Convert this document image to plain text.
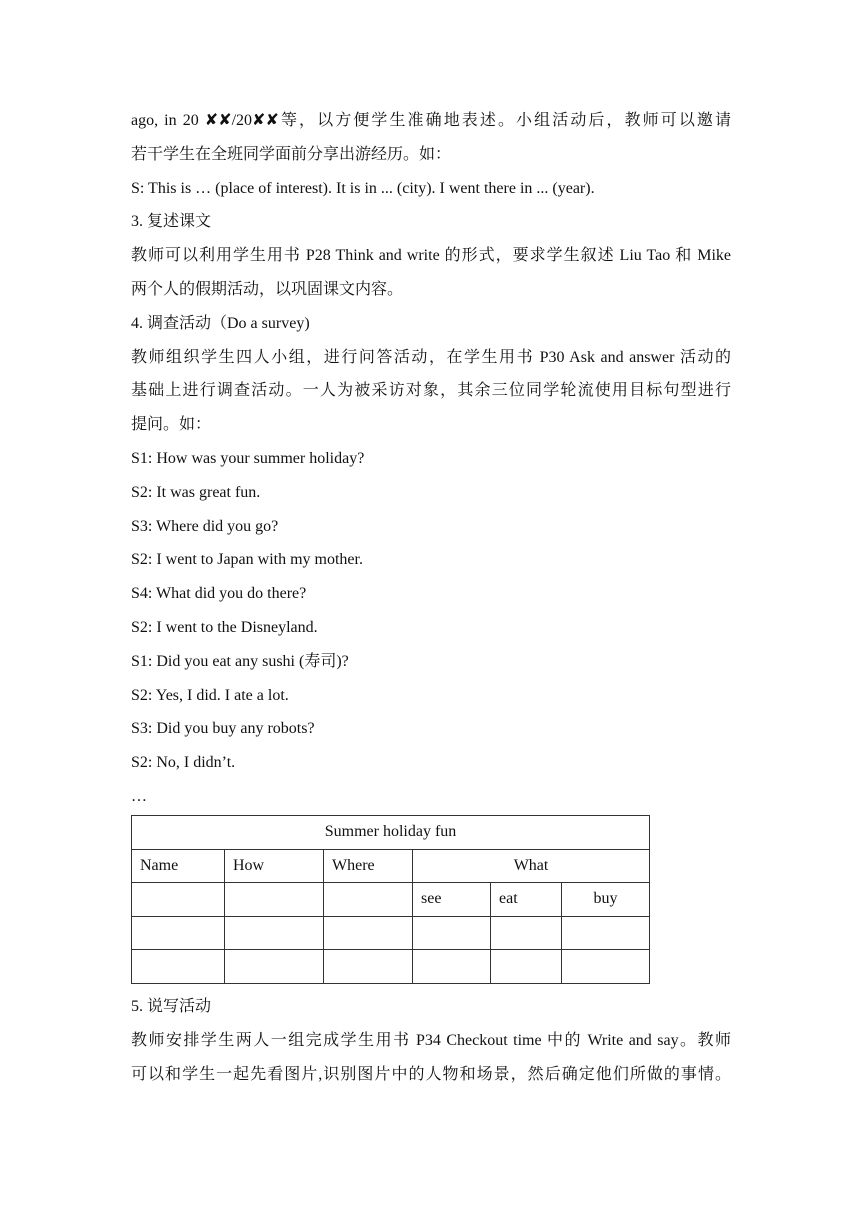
ago, in 20 ✘✘/20✘✘等，以方便学生准确地表述。小组活动后，教师可以邀请
若干学生在全班同学面前分享出游经历。如：
S: This is … (place of interest). It is in ... (city). I went there in ... (year).
3. 复述课文
教师可以利用学生用书 P28 Think and write 的形式，要求学生叙述 Liu Tao 和 Mike
两个人的假期活动，以巩固课文内容。
4. 调查活动（Do a survey)
教师组织学生四人小组，进行问答活动，在学生用书 P30 Ask and answer 活动的
基础上进行调查活动。一人为被采访对象，其余三位同学轮流使用目标句型进行
提问。如：
S1: How was your summer holiday?
S2: It was great fun.
S3: Where did you go?
S2: I went to Japan with my mother.
S4: What did you do there?
S2: I went to the Disneyland.
S1: Did you eat any sushi (寿司)?
S2: Yes, I did. I ate a lot.
S3: Did you buy any robots?
S2: No, I didn’t.
…
Summer holiday fun					
Name	How	Where	What		
			see	eat	buy

5. 说写活动
教师安排学生两人一组完成学生用书 P34 Checkout time 中的 Write and say。教师
可以和学生一起先看图片,识别图片中的人物和场景，然后确定他们所做的事情。
